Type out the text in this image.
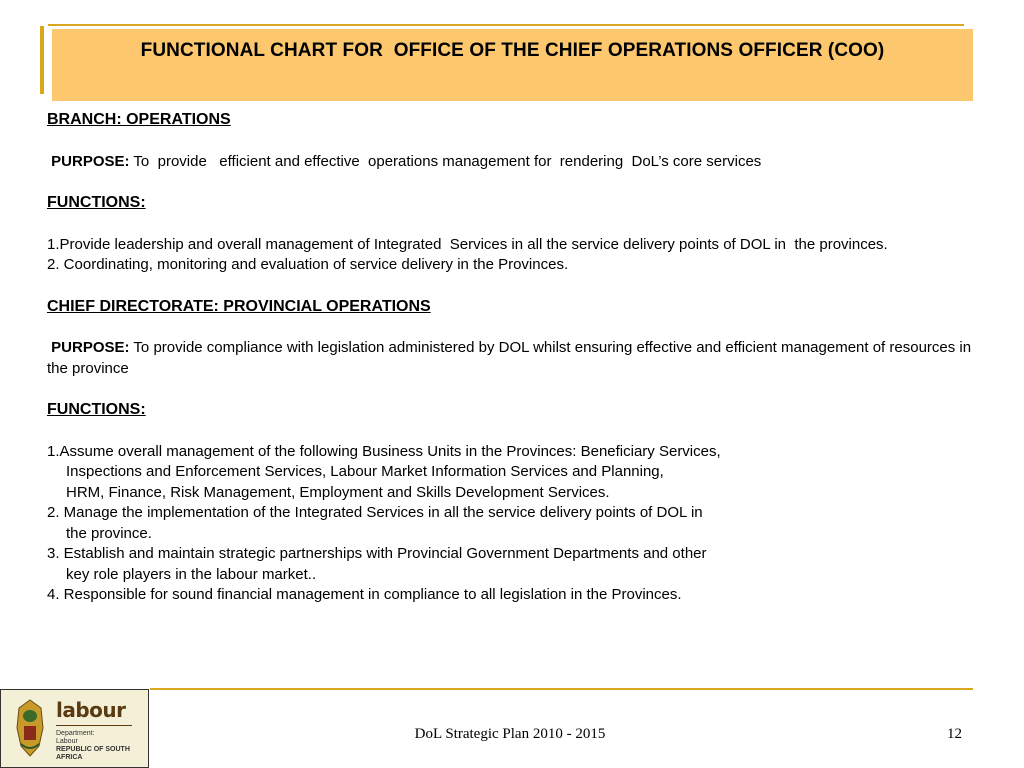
FUNCTIONAL CHART FOR  OFFICE OF THE CHIEF OPERATIONS OFFICER (COO)

BRANCH: OPERATIONS

PURPOSE: To  provide   efficient and effective  operations management for  rendering  DoL’s core services

FUNCTIONS:

1.Provide leadership and overall management of Integrated  Services in all the service delivery points of DOL in  the provinces.

2. Coordinating, monitoring and evaluation of service delivery in the Provinces.

CHIEF DIRECTORATE: PROVINCIAL OPERATIONS

PURPOSE: To provide compliance with legislation administered by DOL whilst ensuring effective and efficient management of resources in the province

FUNCTIONS:

1.Assume overall management of the following Business Units in the Provinces: Beneficiary Services,

Inspections and Enforcement Services, Labour Market Information Services and Planning,

HRM, Finance, Risk Management, Employment and Skills Development Services.

2. Manage the implementation of the Integrated Services in all the service delivery points of DOL in

the province.

3. Establish and maintain strategic partnerships with Provincial Government Departments and other

key role players in the labour market..

4. Responsible for sound financial management in compliance to all legislation in the Provinces.

labour
Department:
Labour
REPUBLIC OF SOUTH AFRICA
DoL Strategic Plan 2010 - 2015	12
